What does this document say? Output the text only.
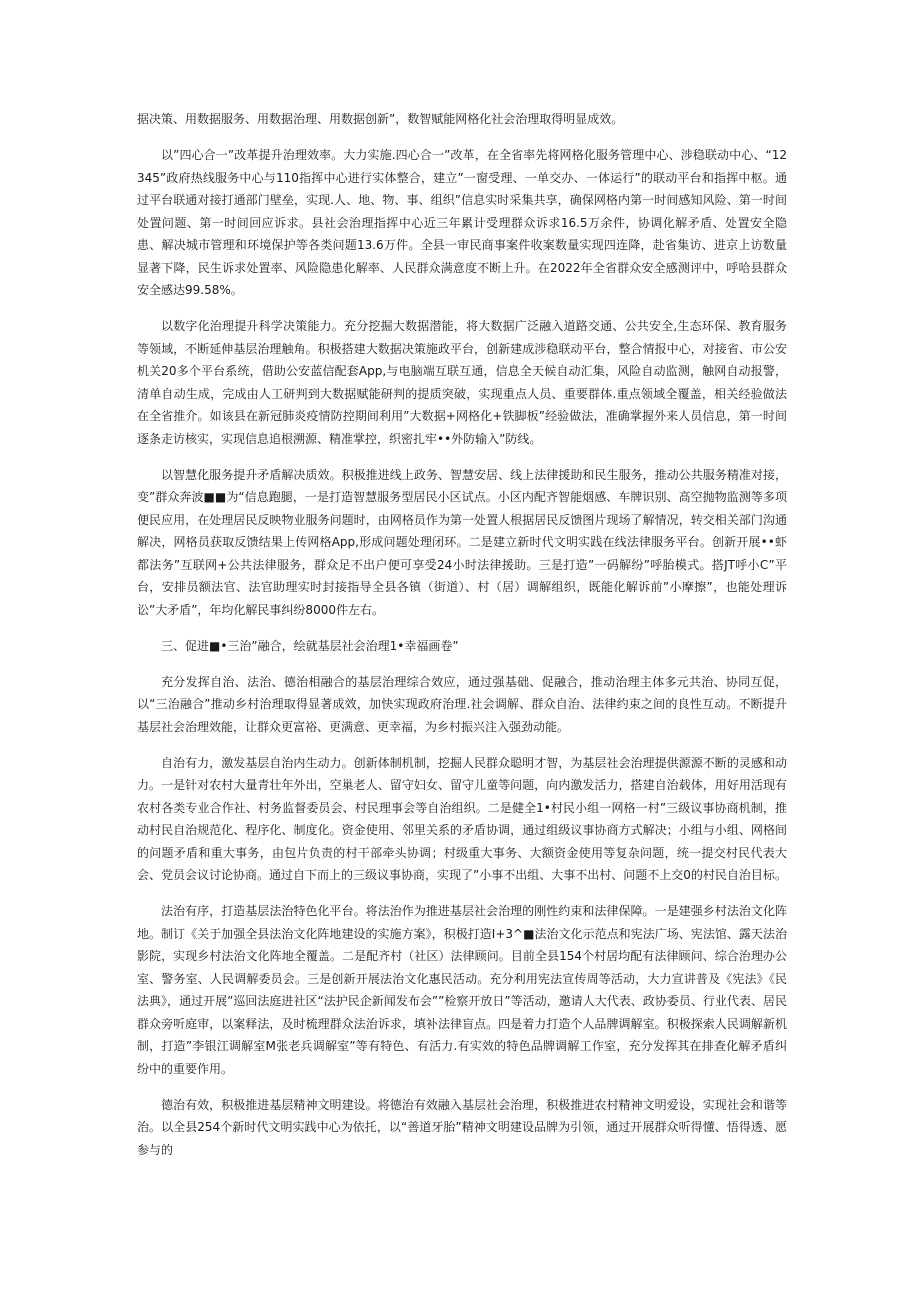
据决策、用数据服务、用数据治理、用数据创新”，数智赋能网格化社会治理取得明显成效。

以”四心合一”改革提升治理效率。大力实施.四心合一”改革，在全省率先将网格化服务管理中心、涉稳联动中心、“12345”政府热线服务中心与110指挥中心进行实体整合，建立”一窗受理、一单交办、一体运行”的联动平台和指挥中枢。通过平台联通对接打通部门壁垒，实现.人、地、物、事、组织”信息实时采集共享，确保网格内第一时间感知风险、第一时间处置问题、第一时间回应诉求。县社会治理指挥中心近三年累计受理群众诉求16.5万余件，协调化解矛盾、处置安全隐患、解决城市管理和环境保护等各类问题13.6万件。全县一审民商事案件收案数量实现四连降，赴省集访、进京上访数量显著下降，民生诉求处置率、风险隐患化解率、人民群众满意度不断上升。在2022年全省群众安全感测评中，呼哈县群众安全感达99.58%。

以数字化治理提升科学决策能力。充分挖掘大数据潜能，将大数据广泛融入道路交通、公共安全,生态环保、教育服务等领域，不断延伸基层治理触角。积极搭建大数据决策施政平台，创新建成涉稳联动平台，整合情报中心，对接省、市公安机关20多个平台系统，借助公安蓝信配套App,与电脑端互联互通，信息全天候自动汇集，风险自动监测，触网自动报警，清单自动生成，完成由人工研判到大数据赋能研判的提质突破，实现重点人员、重要群体.重点领域全覆盖，相关经验做法在全省推介。如该县在新冠肺炎疫情防控期间利用”大数据+网格化+铁脚板”经验做法，准确掌握外来人员信息，第一时间逐条走访核实，实现信息追根溯源、精准掌控，织密扎牢••外防输入”防线。

以智慧化服务提升矛盾解决质效。积极推进线上政务、智慧安居、线上法律援助和民生服务，推动公共服务精准对接，变”群众奔波■■为“信息跑腿，一是打造智慧服务型居民小区试点。小区内配齐智能烟感、车牌识别、高空抛物监测等多项便民应用，在处理居民反映物业服务问题时，由网格员作为第一处置人根据居民反馈图片现场了解情况，转交相关部门沟通解决，网格员获取反馈结果上传网格App,形成问题处理闭环。二是建立新时代文明实践在线法律服务平台。创新开展••虾都法务”互联网+公共法律服务，群众足不出户便可享受24小时法律援助。三是打造”一码解纷”呼胎模式。搭JT呼小C”平台，安排员额法官、法官助理实时封接指导全县各镇（街道）、村（居）调解组织，既能化解诉前”小摩擦”，也能处理诉讼”大矛盾”，年均化解民事纠纷8000件左右。

三、促进■•三治”融合，绘就基层社会治理1•幸福画卷”

充分发挥自治、法治、德治相融合的基层治理综合效应，通过强基础、促融合，推动治理主体多元共治、协同互促，以“三治融合”推动乡村治理取得显著成效，加快实现政府治理.社会调解、群众自治、法律约束之间的良性互动。不断提升基层社会治理效能，让群众更富裕、更满意、更幸福，为乡村振兴注入强劲动能。

自治有力，激发基层自治内生动力。创新体制机制，挖掘人民群众聪明才智，为基层社会治理提供源源不断的灵感和动力。一是针对农村大量青壮年外出，空巢老人、留守妇女、留守儿童等问题，向内激发活力，搭建自治载体，用好用活现有农村各类专业合作社、村务监督委员会、村民理事会等自治组织。二是健全1•村民小组一网格一村”三级议事协商机制，推动村民自治规范化、程序化、制度化。资金使用、邻里关系的矛盾协调，通过组级议事协商方式解决；小组与小组、网格间的问题矛盾和重大事务，由包片负责的村干部牵头协调；村级重大事务、大额资金使用等复杂问题，统一提交村民代表大会、党员会议讨论协商。通过自下而上的三级议事协商，实现了”小事不出组、大事不出村、问题不上交0的村民自治目标。

法治有序，打造基层法治特色化平台。将法治作为推进基层社会治理的刚性约束和法律保障。一是建强乡村法治文化阵地。制订《关于加强全县法治文化阵地建设的实施方案》，积极打造I+3^■法治文化示范点和宪法广场、宪法馆、露天法治影院，实现乡村法治文化阵地全覆盖。二是配齐村（社区）法律顾问。目前全县154个村居均配有法律顾问、综合治理办公室、警务室、人民调解委员会。三是创新开展法治文化惠民活动。充分利用宪法宣传周等活动，大力宣讲普及《宪法》《民法典》，通过开展”巡回法庭进社区“法护民企新闻发布会””检察开放日”等活动，邀请人大代表、政协委员、行业代表、居民群众旁听庭审，以案释法，及时梳理群众法治诉求，填补法律盲点。四是着力打造个人品牌调解室。积极探索人民调解新机制，打造”李银江调解室M张老兵调解室”等有特色、有活力.有实效的特色品牌调解工作室，充分发挥其在排查化解矛盾纠纷中的重要作用。

德治有效，积极推进基层精神文明建设。将德治有效融入基层社会治理，积极推进农村精神文明爱设，实现社会和谐等治。以全县254个新时代文明实践中心为依托，以“善道牙胎”精神文明建设品牌为引领，通过开展群众听得懂、悟得透、愿参与的
